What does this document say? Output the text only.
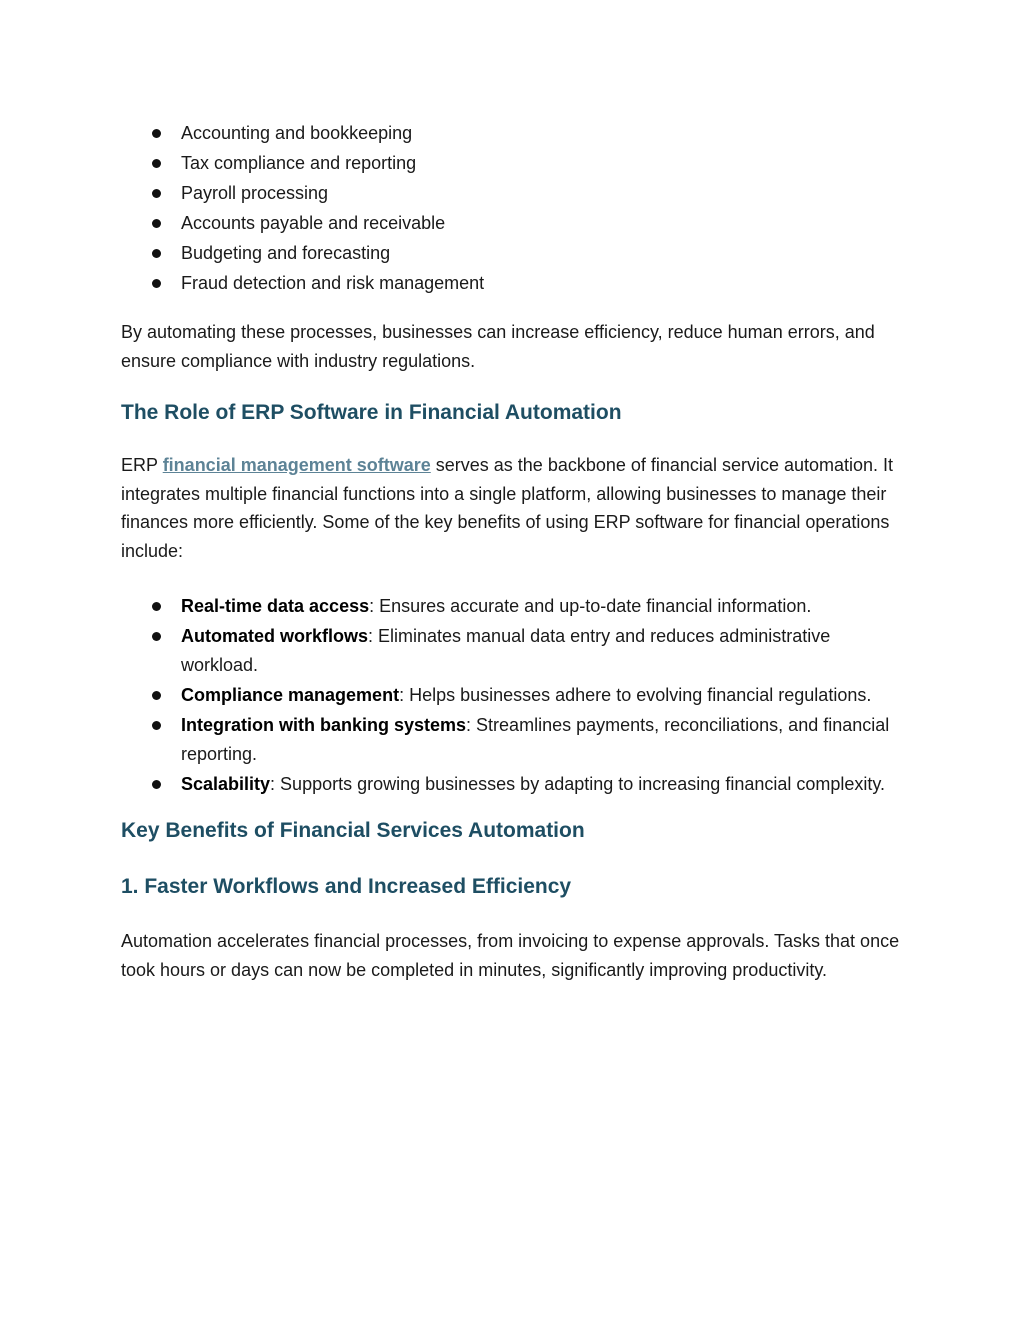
Accounting and bookkeeping
Tax compliance and reporting
Payroll processing
Accounts payable and receivable
Budgeting and forecasting
Fraud detection and risk management

By automating these processes, businesses can increase efficiency, reduce human errors, and ensure compliance with industry regulations.

The Role of ERP Software in Financial Automation

ERP financial management software serves as the backbone of financial service automation. It integrates multiple financial functions into a single platform, allowing businesses to manage their finances more efficiently. Some of the key benefits of using ERP software for financial operations include:

Real-time data access: Ensures accurate and up-to-date financial information.
Automated workflows: Eliminates manual data entry and reduces administrative workload.
Compliance management: Helps businesses adhere to evolving financial regulations.
Integration with banking systems: Streamlines payments, reconciliations, and financial reporting.
Scalability: Supports growing businesses by adapting to increasing financial complexity.
Key Benefits of Financial Services Automation
1. Faster Workflows and Increased Efficiency

Automation accelerates financial processes, from invoicing to expense approvals. Tasks that once took hours or days can now be completed in minutes, significantly improving productivity.
